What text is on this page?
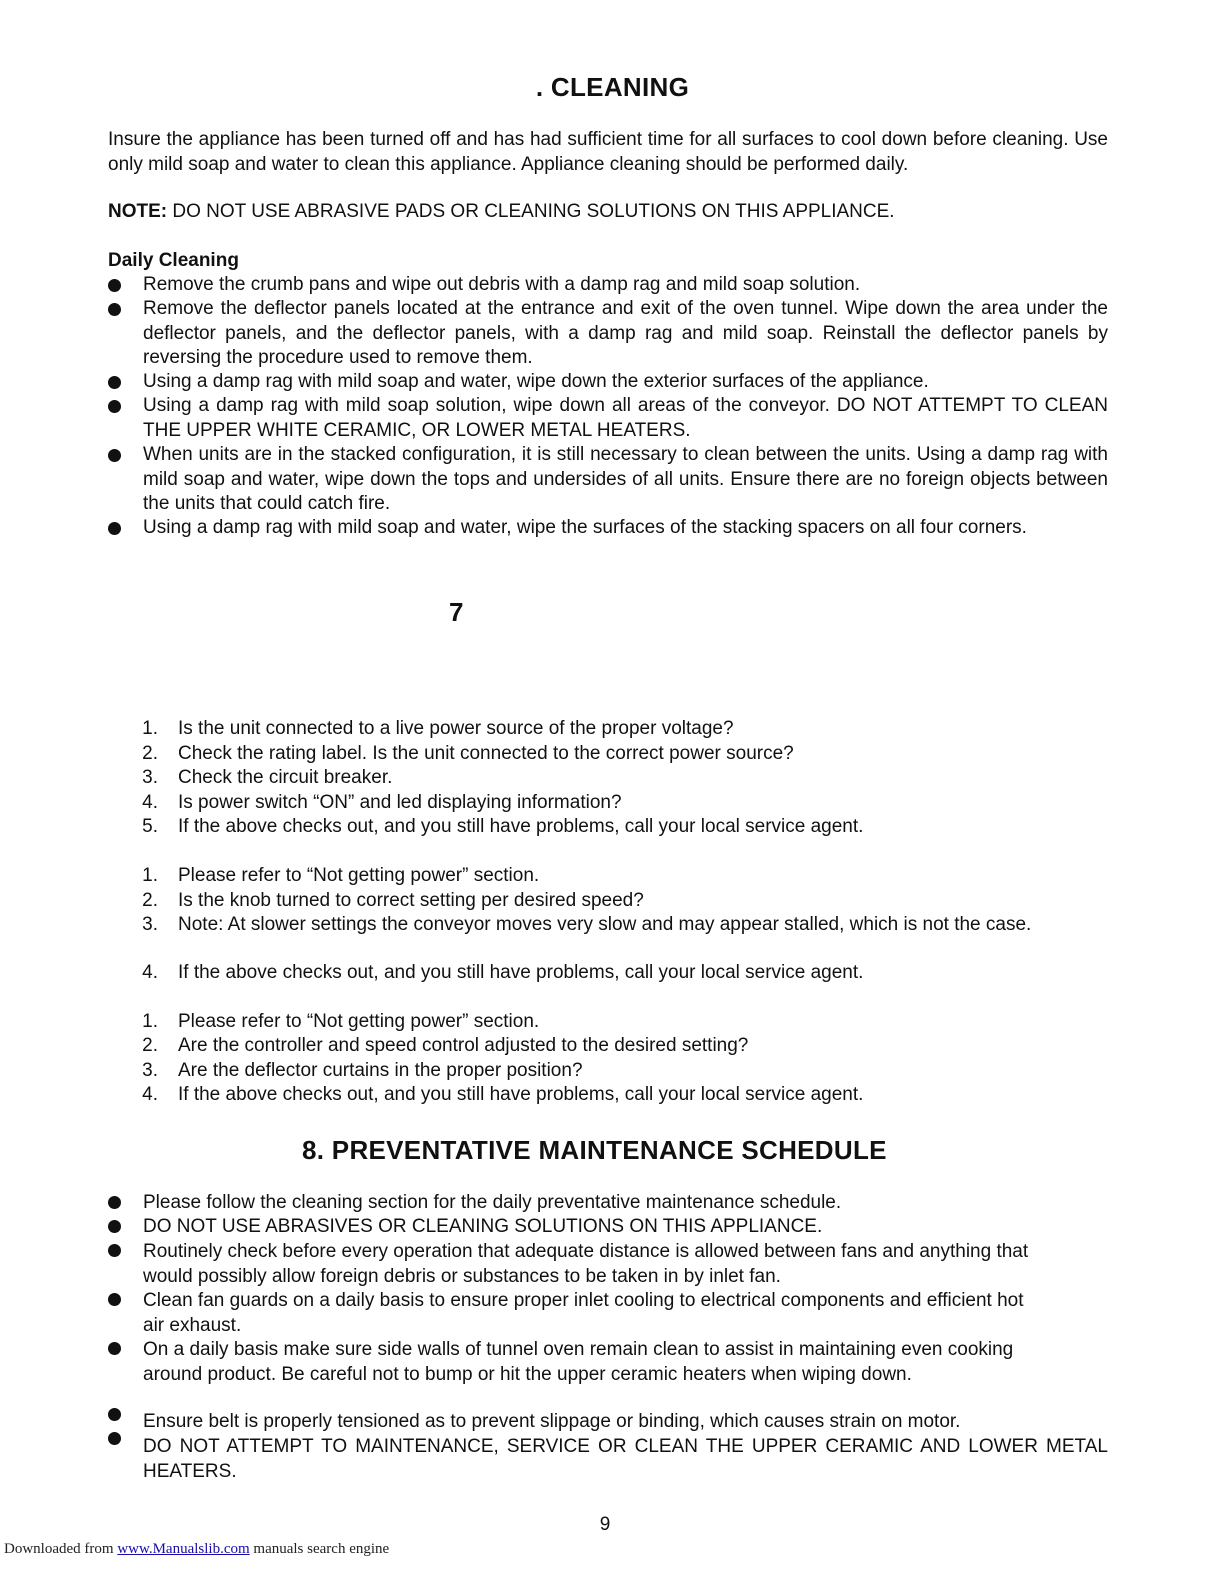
. CLEANING
Insure the appliance has been turned off and has had sufficient time for all surfaces to cool down before cleaning. Use only mild soap and water to clean this appliance. Appliance cleaning should be performed daily.
NOTE: DO NOT USE ABRASIVE PADS OR CLEANING SOLUTIONS ON THIS APPLIANCE.
Daily Cleaning
Remove the crumb pans and wipe out debris with a damp rag and mild soap solution.
Remove the deflector panels located at the entrance and exit of the oven tunnel. Wipe down the area under the deflector panels, and the deflector panels, with a damp rag and mild soap. Reinstall the deflector panels by reversing the procedure used to remove them.
Using a damp rag with mild soap and water, wipe down the exterior surfaces of the appliance.
Using a damp rag with mild soap solution, wipe down all areas of the conveyor. DO NOT ATTEMPT TO CLEAN THE UPPER WHITE CERAMIC, OR LOWER METAL HEATERS.
When units are in the stacked configuration, it is still necessary to clean between the units. Using a damp rag with mild soap and water, wipe down the tops and undersides of all units. Ensure there are no foreign objects between the units that could catch fire.
Using a damp rag with mild soap and water, wipe the surfaces of the stacking spacers on all four corners.
7
1. Is the unit connected to a live power source of the proper voltage?
2. Check the rating label. Is the unit connected to the correct power source?
3. Check the circuit breaker.
4. Is power switch “ON” and led displaying information?
5. If the above checks out, and you still have problems, call your local service agent.
1. Please refer to “Not getting power” section.
2. Is the knob turned to correct setting per desired speed?
3. Note: At slower settings the conveyor moves very slow and may appear stalled, which is not the case.
4. If the above checks out, and you still have problems, call your local service agent.
1. Please refer to “Not getting power” section.
2. Are the controller and speed control adjusted to the desired setting?
3. Are the deflector curtains in the proper position?
4. If the above checks out, and you still have problems, call your local service agent.
8. PREVENTATIVE MAINTENANCE SCHEDULE
Please follow the cleaning section for the daily preventative maintenance schedule.
DO NOT USE ABRASIVES OR CLEANING SOLUTIONS ON THIS APPLIANCE.
Routinely check before every operation that adequate distance is allowed between fans and anything that would possibly allow foreign debris or substances to be taken in by inlet fan.
Clean fan guards on a daily basis to ensure proper inlet cooling to electrical components and efficient hot air exhaust.
On a daily basis make sure side walls of tunnel oven remain clean to assist in maintaining even cooking around product. Be careful not to bump or hit the upper ceramic heaters when wiping down.
Ensure belt is properly tensioned as to prevent slippage or binding, which causes strain on motor.
DO NOT ATTEMPT TO MAINTENANCE, SERVICE OR CLEAN THE UPPER CERAMIC AND LOWER METAL HEATERS.
9
Downloaded from www.Manualslib.com manuals search engine
